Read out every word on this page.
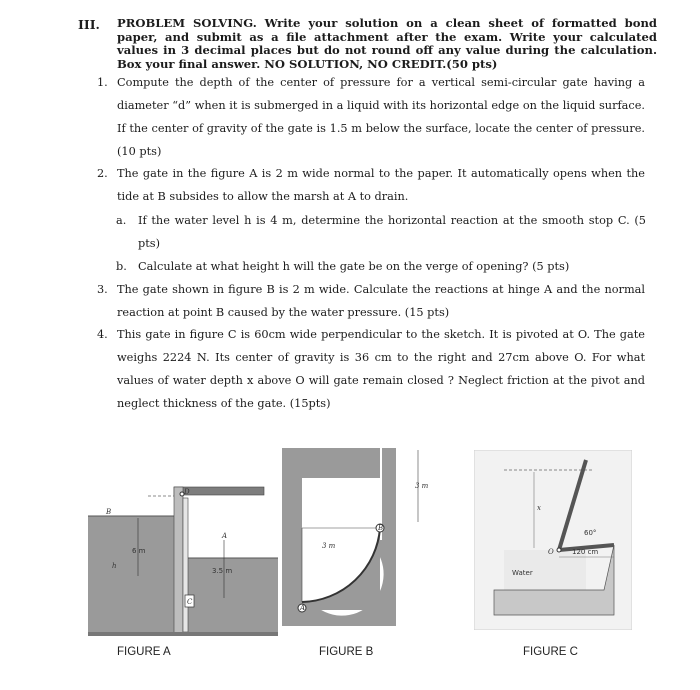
III. PROBLEM SOLVING. Write your solution on a clean sheet of formatted bond paper, and submit as a file attachment after the exam. Write your calculated values in 3 decimal places but do not round off any value during the calculation. Box your final answer. NO SOLUTION, NO CREDIT.(50 pts)
1. Compute the depth of the center of pressure for a vertical semi-circular gate having a diameter “d” when it is submerged in a liquid with its horizontal edge on the liquid surface. If the center of gravity of the gate is 1.5 m below the surface, locate the center of pressure. (10 pts)
2. The gate in the figure A is 2 m wide normal to the paper. It automatically opens when the tide at B subsides to allow the marsh at A to drain.
a. If the water level h is 4 m, determine the horizontal reaction at the smooth stop C. (5 pts)
b. Calculate at what height h will the gate be on the verge of opening? (5 pts)
3. The gate shown in figure B is 2 m wide. Calculate the reactions at hinge A and the normal reaction at point B caused by the water pressure. (15 pts)
4. This gate in figure C is 60cm wide perpendicular to the sketch. It is pivoted at O. The gate weighs 2224 N. Its center of gravity is 36 cm to the right and 27cm above O. For what values of water depth x above O will gate remain closed ? Neglect friction at the pivot and neglect thickness of the gate. (15pts)
D
B
A
h
C
6 m
3.5 m
3 m
3 m
B
A
x
60°
O	120 cm
Water
FIGURE A	FIGURE B	FIGURE C
